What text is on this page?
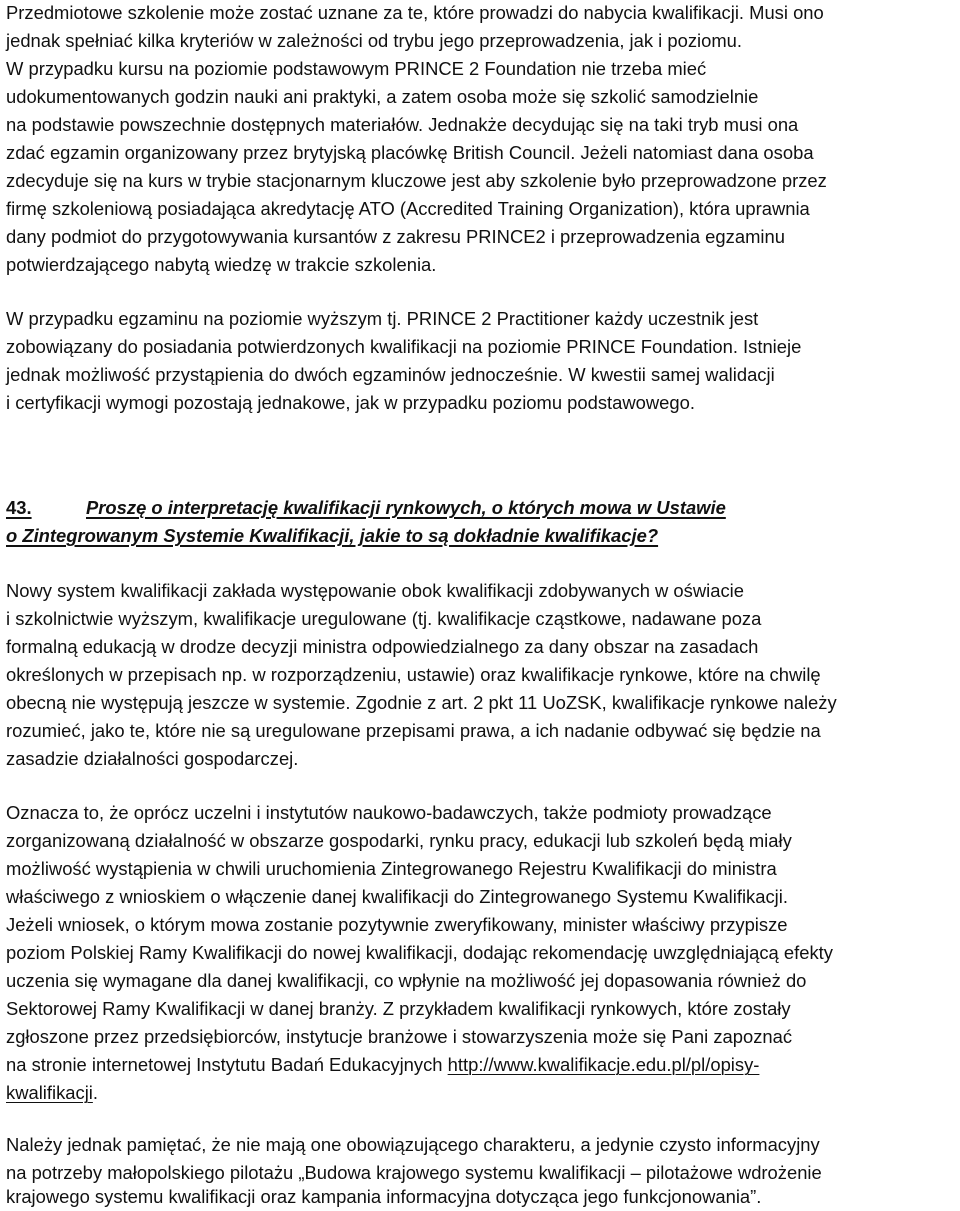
Przedmiotowe szkolenie może zostać uznane za te, które prowadzi do nabycia kwalifikacji. Musi ono
jednak spełniać kilka kryteriów w zależności od trybu jego przeprowadzenia, jak i poziomu.
W przypadku kursu na poziomie podstawowym PRINCE 2 Foundation nie trzeba mieć
udokumentowanych godzin nauki ani praktyki, a zatem osoba może się szkolić samodzielnie
na podstawie powszechnie dostępnych materiałów. Jednakże decydując się na taki tryb musi ona
zdać egzamin organizowany przez brytyjską placówkę British Council. Jeżeli natomiast dana osoba
zdecyduje się na kurs w trybie stacjonarnym kluczowe jest aby szkolenie było przeprowadzone przez
firmę szkoleniową posiadająca akredytację ATO (Accredited Training Organization), która uprawnia
dany podmiot do przygotowywania kursantów z zakresu PRINCE2 i przeprowadzenia egzaminu
potwierdzającego nabytą wiedzę w trakcie szkolenia.
W przypadku egzaminu na poziomie wyższym tj. PRINCE 2 Practitioner każdy uczestnik jest
zobowiązany do posiadania potwierdzonych kwalifikacji na poziomie PRINCE Foundation. Istnieje
jednak możliwość przystąpienia do dwóch egzaminów jednocześnie. W kwestii samej walidacji
i certyfikacji wymogi pozostają jednakowe, jak w przypadku poziomu podstawowego.
43.	Proszę o interpretację kwalifikacji rynkowych, o których mowa w Ustawie
o Zintegrowanym Systemie Kwalifikacji, jakie to są dokładnie kwalifikacje?
Nowy system kwalifikacji zakłada występowanie obok kwalifikacji zdobywanych w oświacie
i szkolnictwie wyższym, kwalifikacje uregulowane (tj. kwalifikacje cząstkowe, nadawane poza
formalną edukacją w drodze decyzji ministra odpowiedzialnego za dany obszar na zasadach
określonych w przepisach np. w rozporządzeniu, ustawie) oraz kwalifikacje rynkowe, które na chwilę
obecną nie występują jeszcze w systemie. Zgodnie z art. 2 pkt 11 UoZSK, kwalifikacje rynkowe należy
rozumieć, jako te, które nie są uregulowane przepisami prawa, a ich nadanie odbywać się będzie na
zasadzie działalności gospodarczej.
Oznacza to, że oprócz uczelni i instytutów naukowo-badawczych, także podmioty prowadzące
zorganizowaną działalność w obszarze gospodarki, rynku pracy, edukacji lub szkoleń będą miały
możliwość wystąpienia w chwili uruchomienia Zintegrowanego Rejestru Kwalifikacji do ministra
właściwego z wnioskiem o włączenie danej kwalifikacji do Zintegrowanego Systemu Kwalifikacji.
Jeżeli wniosek, o którym mowa zostanie pozytywnie zweryfikowany, minister właściwy przypisze
poziom Polskiej Ramy Kwalifikacji do nowej kwalifikacji, dodając rekomendację uwzględniającą efekty
uczenia się wymagane dla danej kwalifikacji, co wpłynie na możliwość jej dopasowania również do
Sektorowej Ramy Kwalifikacji w danej branży. Z przykładem kwalifikacji rynkowych, które zostały
zgłoszone przez przedsiębiorców, instytucje branżowe i stowarzyszenia może się Pani zapoznać
na stronie internetowej Instytutu Badań Edukacyjnych http://www.kwalifikacje.edu.pl/pl/opisy-
kwalifikacji.
Należy jednak pamiętać, że nie mają one obowiązującego charakteru, a jedynie czysto informacyjny
na potrzeby małopolskiego pilotażu „Budowa krajowego systemu kwalifikacji – pilotażowe wdrożenie
krajowego systemu kwalifikacji oraz kampania informacyjna dotycząca jego funkcjonowania”.
